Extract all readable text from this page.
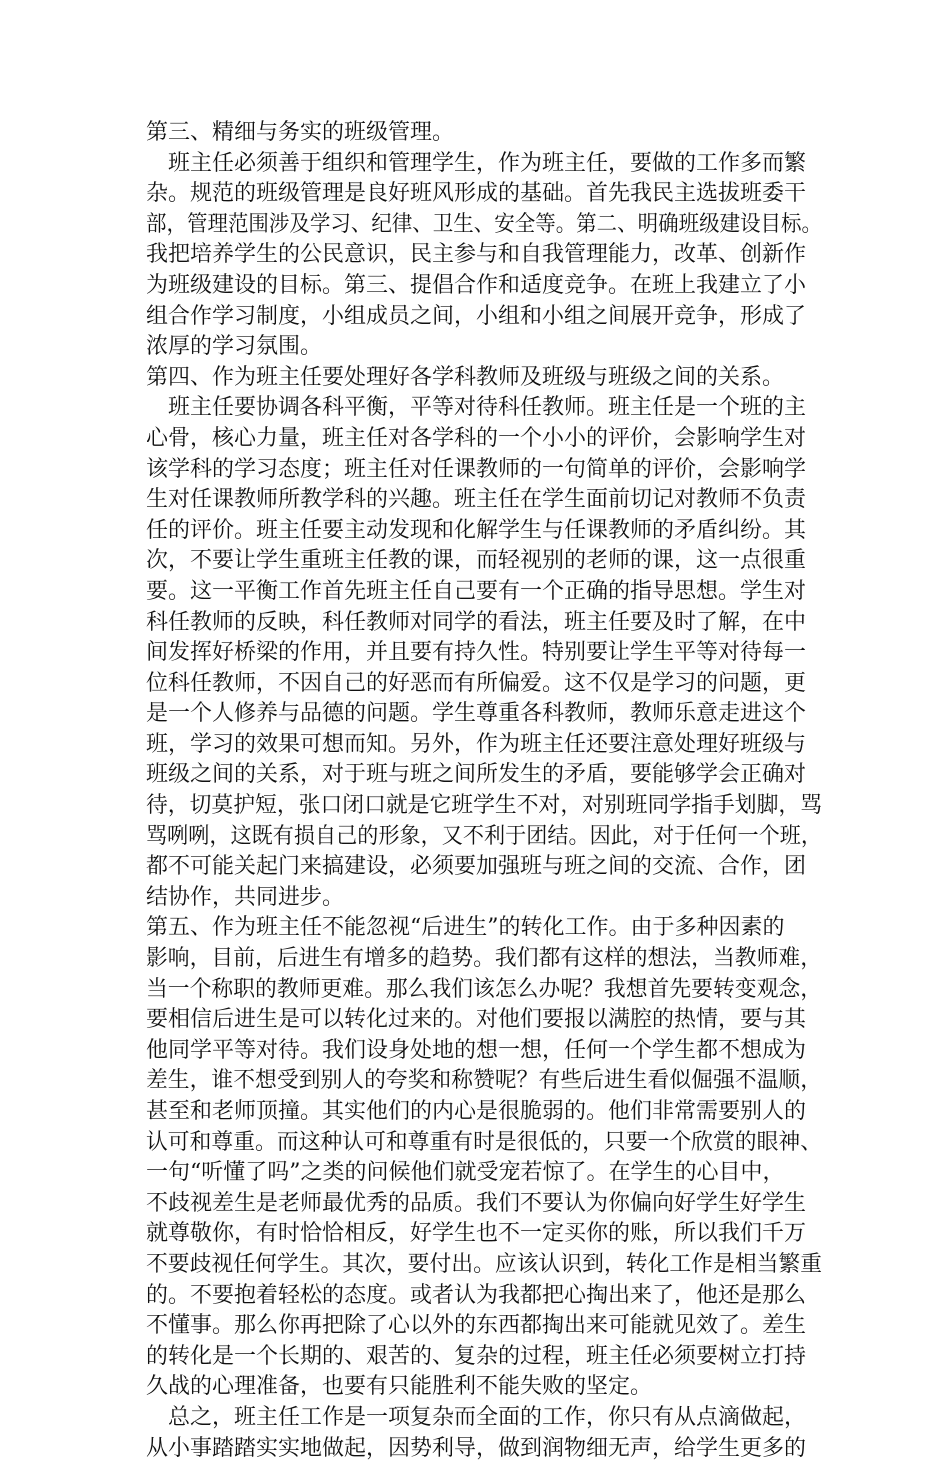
第三、精细与务实的班级管理。
班主任必须善于组织和管理学生，作为班主任，要做的工作多而繁
杂。规范的班级管理是良好班风形成的基础。首先我民主选拔班委干
部，管理范围涉及学习、纪律、卫生、安全等。第二、明确班级建设目标。
我把培养学生的公民意识，民主参与和自我管理能力，改革、创新作
为班级建设的目标。第三、提倡合作和适度竞争。在班上我建立了小
组合作学习制度，小组成员之间，小组和小组之间展开竞争，形成了
浓厚的学习氛围。
第四、作为班主任要处理好各学科教师及班级与班级之间的关系。
班主任要协调各科平衡，平等对待科任教师。班主任是一个班的主
心骨，核心力量，班主任对各学科的一个小小的评价，会影响学生对
该学科的学习态度；班主任对任课教师的一句简单的评价，会影响学
生对任课教师所教学科的兴趣。班主任在学生面前切记对教师不负责
任的评价。班主任要主动发现和化解学生与任课教师的矛盾纠纷。其
次，不要让学生重班主任教的课，而轻视别的老师的课，这一点很重
要。这一平衡工作首先班主任自己要有一个正确的指导思想。学生对
科任教师的反映，科任教师对同学的看法，班主任要及时了解，在中
间发挥好桥梁的作用，并且要有持久性。特别要让学生平等对待每一
位科任教师，不因自己的好恶而有所偏爱。这不仅是学习的问题，更
是一个人修养与品德的问题。学生尊重各科教师，教师乐意走进这个
班，学习的效果可想而知。另外，作为班主任还要注意处理好班级与
班级之间的关系，对于班与班之间所发生的矛盾，要能够学会正确对
待，切莫护短，张口闭口就是它班学生不对，对别班同学指手划脚，骂
骂咧咧，这既有损自己的形象，又不利于团结。因此，对于任何一个班，
都不可能关起门来搞建设，必须要加强班与班之间的交流、合作，团
结协作，共同进步。
第五、作为班主任不能忽视“后进生”的转化工作。由于多种因素的
影响，目前，后进生有增多的趋势。我们都有这样的想法，当教师难，
当一个称职的教师更难。那么我们该怎么办呢？我想首先要转变观念，
要相信后进生是可以转化过来的。对他们要报以满腔的热情，要与其
他同学平等对待。我们设身处地的想一想，任何一个学生都不想成为
差生，谁不想受到别人的夸奖和称赞呢？有些后进生看似倔强不温顺，
甚至和老师顶撞。其实他们的内心是很脆弱的。他们非常需要别人的
认可和尊重。而这种认可和尊重有时是很低的，只要一个欣赏的眼神、
一句“听懂了吗”之类的问候他们就受宠若惊了。在学生的心目中，
不歧视差生是老师最优秀的品质。我们不要认为你偏向好学生好学生
就尊敬你，有时恰恰相反，好学生也不一定买你的账，所以我们千万
不要歧视任何学生。其次，要付出。应该认识到，转化工作是相当繁重
的。不要抱着轻松的态度。或者认为我都把心掏出来了，他还是那么
不懂事。那么你再把除了心以外的东西都掏出来可能就见效了。差生
的转化是一个长期的、艰苦的、复杂的过程，班主任必须要树立打持
久战的心理准备，也要有只能胜利不能失败的坚定。
总之，班主任工作是一项复杂而全面的工作，你只有从点滴做起，
从小事踏踏实实地做起，因势利导，做到润物细无声，给学生更多的
